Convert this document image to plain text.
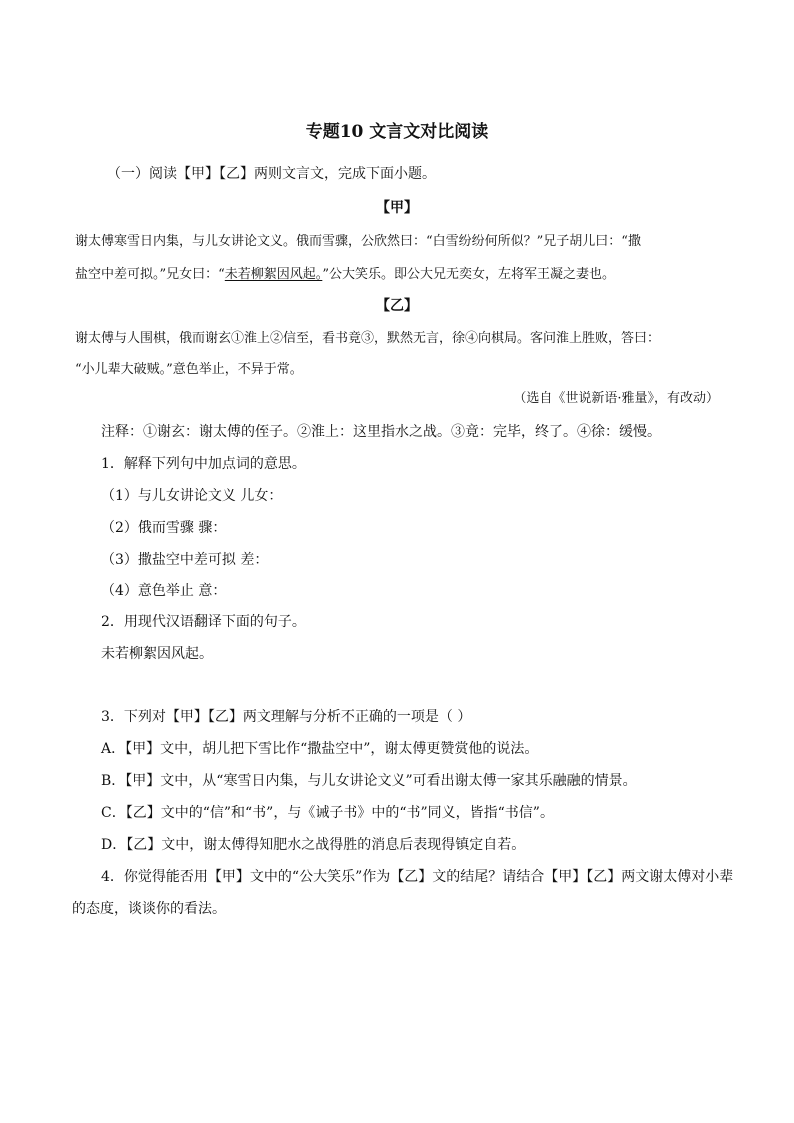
专题10 文言文对比阅读
（一）阅读【甲】【乙】两则文言文，完成下面小题。
【甲】
谢太傅寒雪日内集，与儿女讲论文义。俄而雪骤，公欣然曰：“白雪纷纷何所似？”兄子胡儿曰：“撒
盐空中差可拟。”兄女曰：“未若柳絮因风起。”公大笑乐。即公大兄无奕女，左将军王凝之妻也。
【乙】
谢太傅与人围棋，俄而谢玄①淮上②信至，看书竟③，默然无言，徐④向棋局。客问淮上胜败，答曰：
“小儿辈大破贼。”意色举止，不异于常。
（选自《世说新语·雅量》，有改动）
注释：①谢玄：谢太傅的侄子。②淮上：这里指水之战。③竟：完毕，终了。④徐：缓慢。
1．解释下列句中加点词的意思。
（1）与儿女讲论文义 儿女：
（2）俄而雪骤 骤：
（3）撒盐空中差可拟 差：
（4）意色举止 意：
2．用现代汉语翻译下面的句子。
未若柳絮因风起。
3．下列对【甲】【乙】两文理解与分析不正确的一项是（ ）
A．【甲】文中，胡儿把下雪比作“撒盐空中”，谢太傅更赞赏他的说法。
B．【甲】文中，从“寒雪日内集，与儿女讲论文义”可看出谢太傅一家其乐融融的情景。
C．【乙】文中的“信”和“书”，与《诫子书》中的“书”同义，皆指“书信”。
D．【乙】文中，谢太傅得知肥水之战得胜的消息后表现得镇定自若。
4．你觉得能否用【甲】文中的“公大笑乐”作为【乙】文的结尾？请结合【甲】【乙】两文谢太傅对小辈
的态度，谈谈你的看法。
